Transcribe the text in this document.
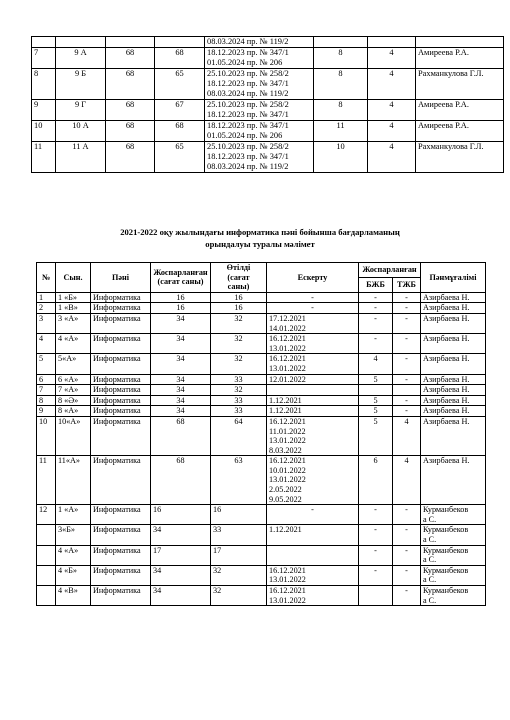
				08.03.2024 пр. № 119/2			

7	9 А	68	68	18.12.2023 пр. № 347/1
01.05.2024 пр. № 206	8	4	Амиреева Р.А.
8	9 Б	68	65	25.10.2023 пр. № 258/2
18.12.2023 пр. № 347/1
08.03.2024 пр. № 119/2	8	4	Рахманкулова Г.Л.
9	9 Г	68	67	25.10.2023 пр. № 258/2
18.12.2023 пр. № 347/1	8	4	Амиреева Р.А.
10	10 А	68	68	18.12.2023 пр. № 347/1
01.05.2024 пр. № 206	11	4	Амиреева Р.А.
11	11 А	68	65	25.10.2023 пр. № 258/2
18.12.2023 пр. № 347/1
08.03.2024 пр. № 119/2	10	4	Рахманкулова Г.Л.
2021-2022 оқу жылындағы информатика пәні бойынша бағдарламаның
орындалуы туралы мәлімет
№	Сын.	Пәні	Жоспарланған
(сағат саны)	Өтілді
(сағат
саны)	Ескерту	Жоспарланған		Пәнмұғалімі
						БЖБ	ТЖБ	
1	1 «Б»	Информатика	16	16	-	-	-	Азирбаева Н.

2	1 «В»	Информатика	16	16	-	-	-	Азирбаева Н.

3	3 «А»	Информатика	34	32	17.12.2021
14.01.2022	-	-	Азирбаева Н.

4	4 «А»	Информатика	34	32	16.12.2021
13.01.2022	-	-	Азирбаева Н.

5	5«А»	Информатика	34	32	16.12.2021
13.01.2022	4	-	Азирбаева Н.

6	6 «А»	Информатика	34	33	12.01.2022	5	-	Азирбаева Н.

7	7 «А»	Информатика	34	32				Азирбаева Н.

8	8 «Ә»	Информатика	34	33	1.12.2021	5	-	Азирбаева Н.

9	8 «А»	Информатика	34	33	1.12.2021	5	-	Азирбаева Н.

10	10«А»	Информатика	68	64	16.12.2021
11.01.2022
13.01.2022
8.03.2022	5	4	Азирбаева Н.

11	11«А»	Информатика	68	63	16.12.2021
10.01.2022
13.01.2022
2.05.2022
9.05.2022	6	4	Азирбаева Н.

12	1 «А»	Информатика	16	16	-	-	-	Курманбеков
а С.

	3«Б»	Информатика	34	33	1.12.2021	-	-	Курманбеков
а С.

	4 «А»	Информатика	17	17		-	-	Курманбеков
а С.

	4 «Б»	Информатика	34	32	16.12.2021
13.01.2022	-	-	Курманбеков
а С.

	4 «В»	Информатика	34	32	16.12.2021
13.01.2022		-	Курманбеков
а С.
